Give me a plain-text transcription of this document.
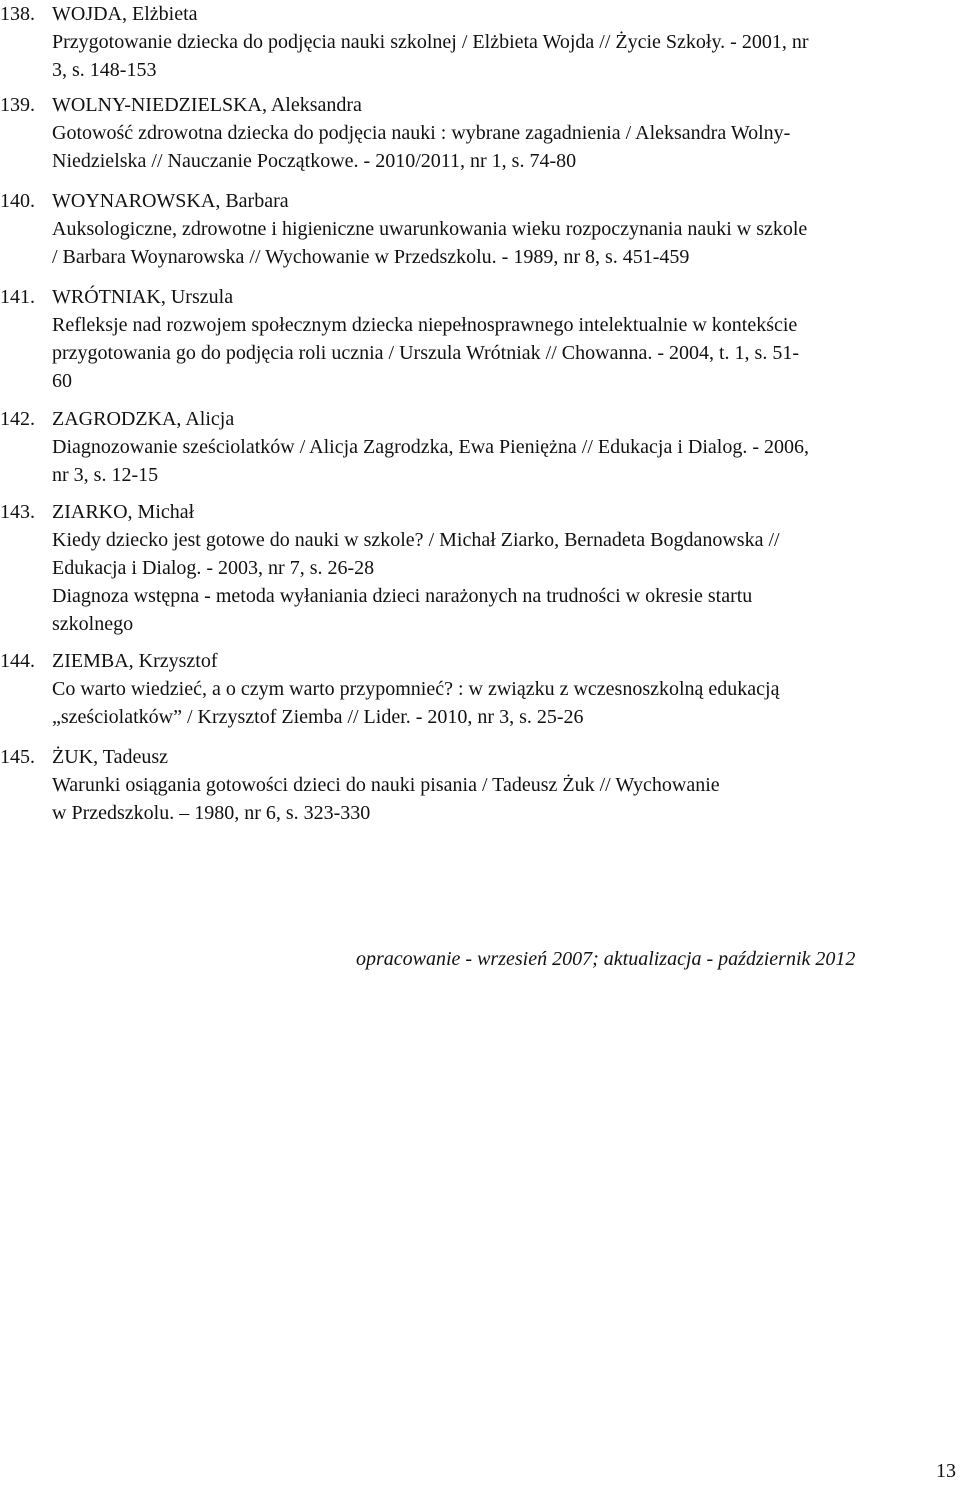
138. WOJDA, Elżbieta
Przygotowanie dziecka do podjęcia nauki szkolnej / Elżbieta Wojda // Życie Szkoły. - 2001, nr
3, s. 148-153
139. WOLNY-NIEDZIELSKA, Aleksandra
Gotowość zdrowotna dziecka do podjęcia nauki : wybrane zagadnienia / Aleksandra Wolny-
Niedzielska // Nauczanie Początkowe. - 2010/2011, nr 1, s. 74-80
140. WOYNAROWSKA, Barbara
Auksologiczne, zdrowotne i higieniczne uwarunkowania wieku rozpoczynania nauki w szkole
/ Barbara Woynarowska // Wychowanie w Przedszkolu. - 1989, nr 8, s. 451-459
141. WRÓTNIAK, Urszula
Refleksje nad rozwojem społecznym dziecka niepełnosprawnego intelektualnie w kontekście
przygotowania go do podjęcia roli ucznia / Urszula Wrótniak // Chowanna. - 2004, t. 1, s. 51-
60
142. ZAGRODZKA, Alicja
Diagnozowanie sześciolatków / Alicja Zagrodzka, Ewa Pieniężna // Edukacja i Dialog. - 2006,
nr 3, s. 12-15
143. ZIARKO, Michał
Kiedy dziecko jest gotowe do nauki w szkole? / Michał Ziarko, Bernadeta Bogdanowska //
Edukacja i Dialog. - 2003, nr 7, s. 26-28
Diagnoza wstępna - metoda wyłaniania dzieci narażonych na trudności w okresie startu
szkolnego
144. ZIEMBA, Krzysztof
Co warto wiedzieć, a o czym warto przypomnieć? : w związku z wczesnoszkolną edukacją
„sześciolatków” / Krzysztof Ziemba // Lider. - 2010, nr 3, s. 25-26
145. ŻUK, Tadeusz
Warunki osiągania gotowości dzieci do nauki pisania / Tadeusz Żuk // Wychowanie
w Przedszkolu. – 1980, nr 6, s. 323-330
opracowanie - wrzesień 2007; aktualizacja - październik 2012
13
